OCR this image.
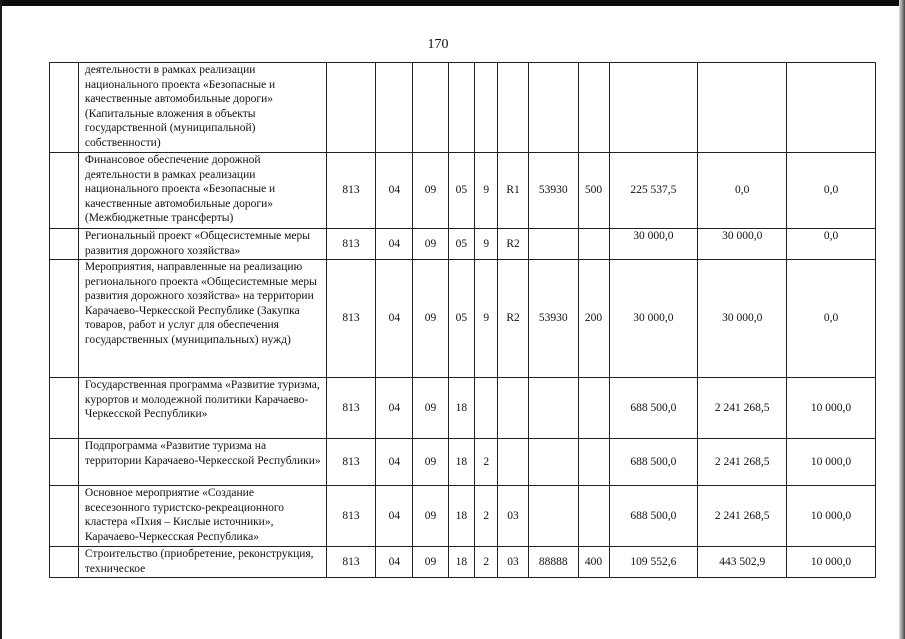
170
	деятельности в рамках реализации национального проекта «Безопасные и качественные автомобильные дороги» (Капитальные вложения в объекты государственной (муниципальной) собственности)											
	Финансовое обеспечение дорожной деятельности в рамках реализации национального проекта «Безопасные и качественные автомобильные дороги» (Межбюджетные трансферты)	813	04	09	05	9	R1	53930	500	225 537,5	0,0	0,0
	Региональный проект «Общесистемные меры развития дорожного хозяйства»	813	04	09	05	9	R2			30 000,0	30 000,0	0,0
	Мероприятия, направленные на реализацию регионального проекта «Общесистемные меры развития дорожного хозяйства» на территории Карачаево-Черкесской Республике (Закупка товаров, работ и услуг для обеспечения государственных (муниципальных) нужд)	813	04	09	05	9	R2	53930	200	30 000,0	30 000,0	0,0
	Государственная программа «Развитие туризма, курортов и молодежной политики Карачаево-Черкесской Республики»	813	04	09	18					688 500,0	2 241 268,5	10 000,0
	Подпрограмма «Развитие туризма на территории Карачаево-Черкесской Республики»	813	04	09	18	2				688 500,0	2 241 268,5	10 000,0
	Основное мероприятие «Создание всесезонного туристско-рекреационного кластера «Пхия – Кислые источники», Карачаево-Черкесская Республика»	813	04	09	18	2	03			688 500,0	2 241 268,5	10 000,0
	Строительство (приобретение, реконструкция, техническое	813	04	09	18	2	03	88888	400	109 552,6	443 502,9	10 000,0
